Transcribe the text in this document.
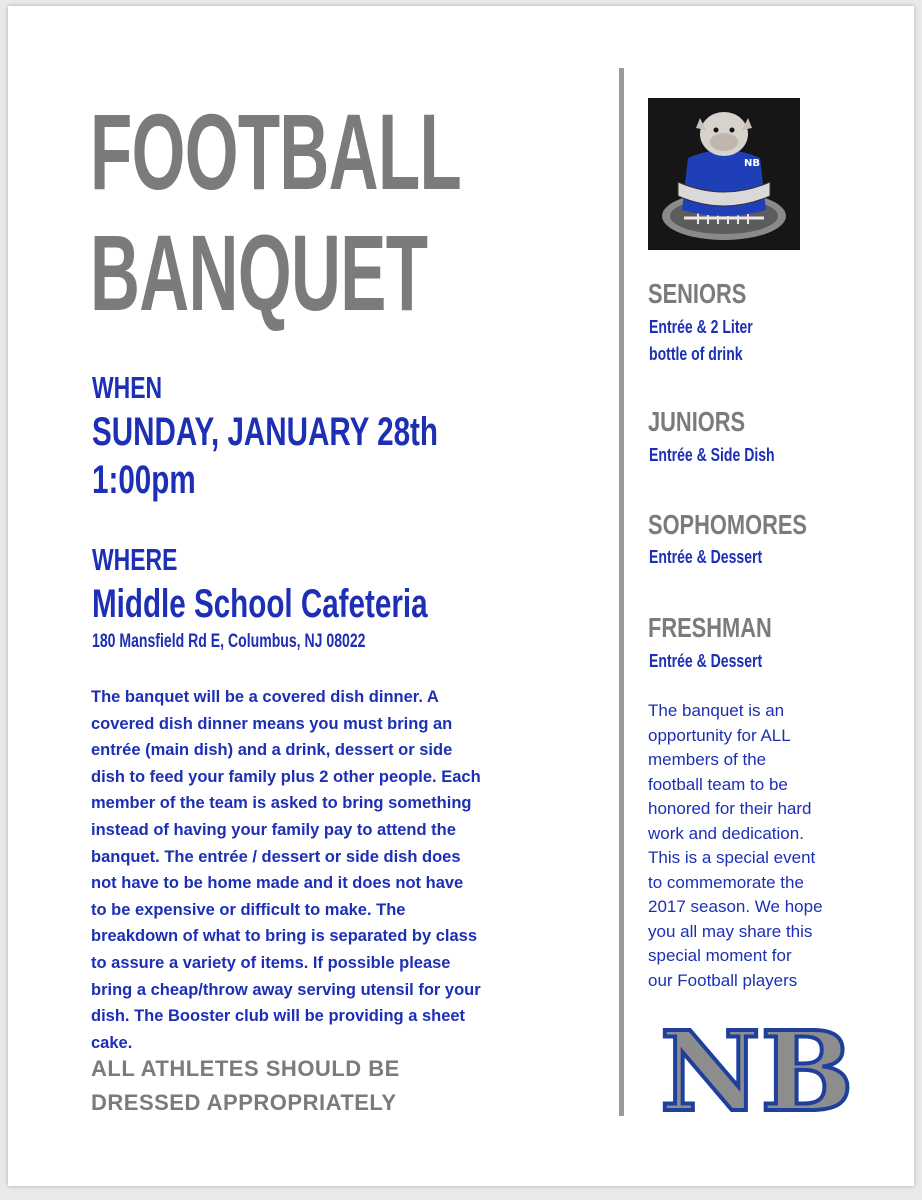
FOOTBALL
BANQUET
WHEN
SUNDAY, JANUARY 28th
1:00pm
WHERE
Middle School Cafeteria
180 Mansfield Rd E, Columbus, NJ 08022
The banquet will be a covered dish dinner. A
covered dish dinner means you must bring an
entrée (main dish) and a drink, dessert or side
dish to feed your family plus 2 other people. Each
member of the team is asked to bring something
instead of having your family pay to attend the
banquet. The entrée / dessert or side dish does
not have to be home made and it does not have
to be expensive or difficult to make. The
breakdown of what to bring is separated by class
to assure a variety of items. If possible please
bring a cheap/throw away serving utensil for your
dish. The Booster club will be providing a sheet
cake.
ALL ATHLETES SHOULD BE
DRESSED APPROPRIATELY
NB
SENIORS
Entrée & 2 Liter
bottle of drink
JUNIORS
Entrée & Side Dish
SOPHOMORES
Entrée & Dessert
FRESHMAN
Entrée & Dessert
The banquet is an
opportunity for ALL
members of the
football team to be
honored for their hard
work and dedication.
This is a special event
to commemorate the
2017 season. We hope
you all may share this
special moment for
our Football players
NB
